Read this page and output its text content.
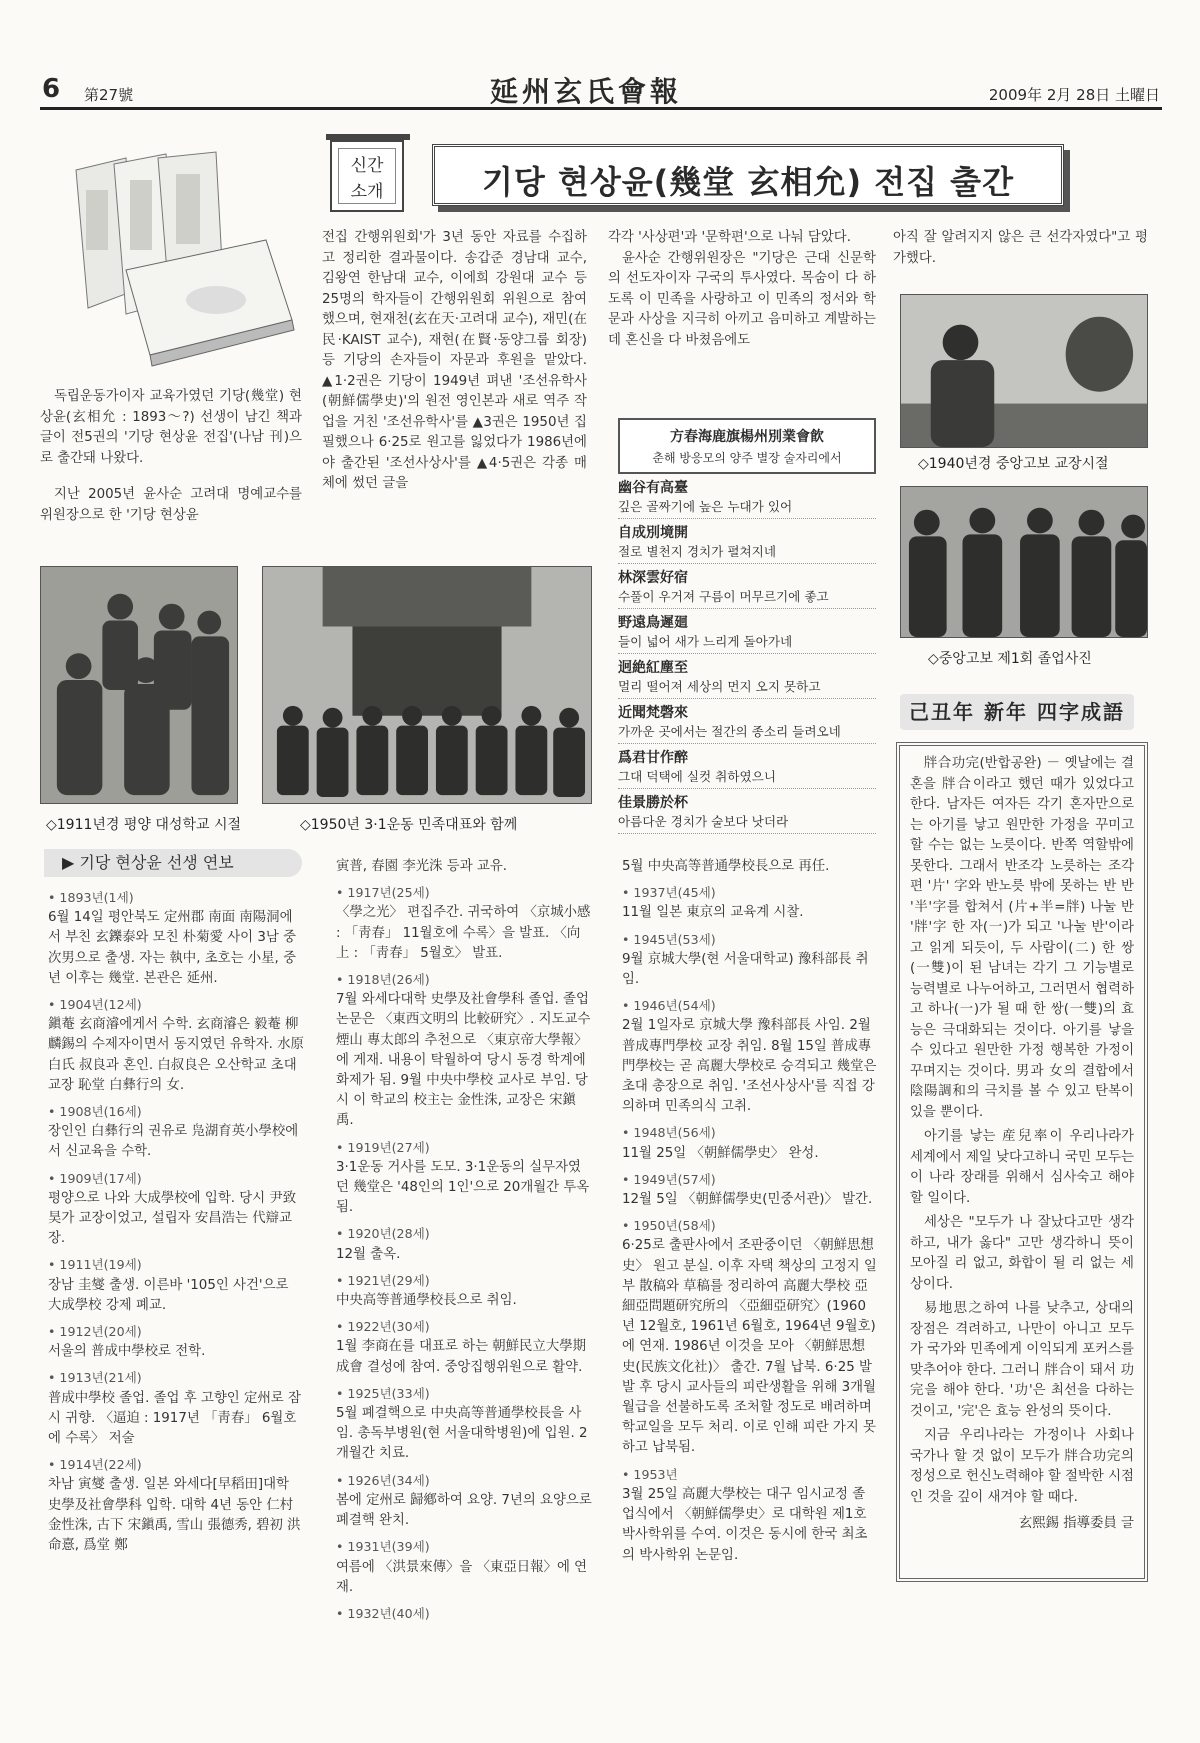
6 第27號	延州玄氏會報	2009年 2月 28日 土曜日
신간
소개	기당 현상윤(幾堂 玄相允) 전집 출간

독립운동가이자 교육가였던 기당(幾堂) 현상윤(玄相允 : 1893～?) 선생이 남긴 책과 글이 전5권의 '기당 현상윤 전집'(나남 刊)으로 출간돼 나왔다.

지난 2005년 윤사순 고려대 명예교수를 위원장으로 한 '기당 현상윤

전집 간행위원회'가 3년 동안 자료를 수집하고 정리한 결과물이다. 송갑준 경남대 교수, 김왕연 한남대 교수, 이에희 강원대 교수 등 25명의 학자들이 간행위원회 위원으로 참여했으며, 현재천(玄在天·고려대 교수), 재민(在民·KAIST 교수), 재현(在賢·동양그룹 회장) 등 기당의 손자들이 자문과 후원을 맡았다. ▲1·2권은 기당이 1949년 펴낸 '조선유학사(朝鮮儒學史)'의 원전 영인본과 새로 역주 작업을 거친 '조선유학사'를 ▲3권은 1950년 집필했으나 6·25로 원고를 잃었다가 1986년에야 출간된 '조선사상사'를 ▲4·5권은 각종 매체에 썼던 글을

각각 '사상편'과 '문학편'으로 나눠 담았다.

윤사순 간행위원장은 "기당은 근대 신문학의 선도자이자 구국의 투사였다. 목숨이 다 하도록 이 민족을 사랑하고 이 민족의 정서와 학문과 사상을 지극히 아끼고 음미하고 계발하는 데 혼신을 다 바쳤음에도

아직 잘 알려지지 않은 큰 선각자였다"고 평가했다.

◇1911년경 평양 대성학교 시절	◇1950년 3·1운동 민족대표와 함께
◇1940년경 중앙고보 교장시절
◇중앙고보 제1회 졸업사진
方春海鹿旗楊州別業會飮
춘해 방응모의 양주 별장 술자리에서
幽谷有高臺
깊은 골짜기에 높은 누대가 있어
自成別境開
절로 별천지 경치가 펼쳐지네
林深雲好宿
수풀이 우거져 구름이 머무르기에 좋고
野遠鳥遲廻
들이 넓어 새가 느리게 돌아가네
迥絶紅塵至
멀리 떨어져 세상의 먼지 오지 못하고
近聞梵磬來
가까운 곳에서는 절간의 종소리 들려오네
爲君甘作醉
그대 덕택에 실컷 취하였으니
佳景勝於杯
아름다운 경치가 술보다 낫더라
▶ 기당 현상윤 선생 연보
• 1893년(1세)
6월 14일 평안북도 定州郡 南面 南陽洞에서 부친 玄鑠泰와 모친 朴菊愛 사이 3남 중 次男으로 출생. 자는 執中, 초호는 小星, 중년 이후는 幾堂. 본관은 延州.
• 1904년(12세)
鎭菴 玄商濬에게서 수학. 玄商濬은 毅菴 柳麟錫의 수제자이면서 동지였던 유학자. 水原 白氏 叔良과 혼인. 白叔良은 오산학교 초대 교장 恥堂 白彝行의 女.
• 1908년(16세)
장인인 白彝行의 권유로 凫湖育英小學校에서 신교육을 수학.
• 1909년(17세)
평양으로 나와 大成學校에 입학. 당시 尹致昊가 교장이었고, 설립자 安昌浩는 代辯교장.
• 1911년(19세)
장남 圭燮 출생. 이른바 '105인 사건'으로 大成學校 강제 폐교.
• 1912년(20세)
서울의 普成中學校로 전학.
• 1913년(21세)
普成中學校 졸업. 졸업 후 고향인 定州로 잠시 귀향. 〈逼迫 : 1917년 「靑春」 6월호에 수록〉 저술
• 1914년(22세)
차남 寅燮 출생. 일본 와세다[早稻田]대학 史學及社會學科 입학. 대학 4년 동안 仁村 金性洙, 古下 宋鎭禹, 雪山 張德秀, 碧初 洪命憙, 爲堂 鄭
寅普, 春園 李光洙 등과 교유.
• 1917년(25세)
〈學之光〉 편집주간. 귀국하여 〈京城小感 : 「靑春」 11월호에 수록〉을 발표. 〈向上 : 「靑春」 5월호〉 발표.
• 1918년(26세)
7월 와세다대학 史學及社會學科 졸업. 졸업논문은 〈東西文明의 比較研究〉. 지도교수 煙山 專太郎의 추천으로 〈東京帝大學報〉에 게재. 내용이 탁월하여 당시 동경 학계에 화제가 됨. 9월 中央中學校 교사로 부임. 당시 이 학교의 校主는 金性洙, 교장은 宋鎭禹.
• 1919년(27세)
3·1운동 거사를 도모. 3·1운동의 실무자였던 幾堂은 '48인의 1인'으로 20개월간 투옥됨.
• 1920년(28세)
12월 출옥.
• 1921년(29세)
中央高等普通學校長으로 취임.
• 1922년(30세)
1월 李商在를 대표로 하는 朝鮮民立大學期成會 결성에 참여. 중앙집행위원으로 활약.
• 1925년(33세)
5월 폐결핵으로 中央高等普通學校長을 사임. 총독부병원(현 서울대학병원)에 입원. 2개월간 치료.
• 1926년(34세)
봄에 定州로 歸鄕하여 요양. 7년의 요양으로 폐결핵 완치.
• 1931년(39세)
여름에 〈洪景來傳〉을 〈東亞日報〉에 연재.
• 1932년(40세)
5월 中央高等普通學校長으로 再任.
• 1937년(45세)
11월 일본 東京의 교육계 시찰.
• 1945년(53세)
9월 京城大學(현 서울대학교) 豫科部長 취임.
• 1946년(54세)
2월 1일자로 京城大學 豫科部長 사임. 2월 普成專門學校 교장 취임. 8월 15일 普成專門學校는 곧 高麗大學校로 승격되고 幾堂은 초대 총장으로 취임. '조선사상사'를 직접 강의하며 민족의식 고취.
• 1948년(56세)
11월 25일 〈朝鮮儒學史〉 완성.
• 1949년(57세)
12월 5일 〈朝鮮儒學史(민중서관)〉 발간.
• 1950년(58세)
6·25로 출판사에서 조판중이던 〈朝鮮思想史〉 원고 분실. 이후 자택 책상의 고정지 일부 散稿와 草稿를 정리하여 高麗大學校 亞細亞問題研究所의 〈亞細亞研究〉(1960년 12월호, 1961년 6월호, 1964년 9월호)에 연재. 1986년 이것을 모아 〈朝鮮思想史(民族文化社)〉 출간. 7월 납북. 6·25 발발 후 당시 교사들의 피란생활을 위해 3개월 월급을 선불하도록 조처할 정도로 배려하며 학교일을 모두 처리. 이로 인해 피란 가지 못하고 납북됨.
• 1953년
3월 25일 高麗大學校는 대구 임시교정 졸업식에서 〈朝鮮儒學史〉로 대학원 제1호 박사학위를 수여. 이것은 동시에 한국 최초의 박사학위 논문임.
己丑年 新年 四字成語

牉合功完(반합공완) － 옛날에는 결혼을 牉合이라고 했던 때가 있었다고 한다. 남자든 여자든 각기 혼자만으로는 아기를 낳고 원만한 가정을 꾸미고 할 수는 없는 노릇이다. 반쪽 역할밖에 못한다. 그래서 반조각 노릇하는 조각 편 '片' 字와 반노릇 밖에 못하는 반 반 '半'字를 합쳐서 (片+半=牉) 나눌 반 '牉'字 한 자(一)가 되고 '나눌 반'이라고 읽게 되듯이, 두 사람이(二) 한 쌍(一雙)이 된 남녀는 각기 그 기능별로 능력별로 나누어하고, 그러면서 협력하고 하나(一)가 될 때 한 쌍(一雙)의 효능은 극대화되는 것이다. 아기를 낳을 수 있다고 원만한 가정 행복한 가정이 꾸며지는 것이다. 男과 女의 결합에서 陰陽調和의 극치를 볼 수 있고 탄복이 있을 뿐이다.

아기를 낳는 産兒率이 우리나라가 세계에서 제일 낮다고하니 국민 모두는 이 나라 장래를 위해서 심사숙고 해야 할 일이다.

세상은 "모두가 나 잘났다고만 생각하고, 내가 옳다" 고만 생각하니 뜻이 모아질 리 없고, 화합이 될 리 없는 세상이다.

易地思之하여 나를 낮추고, 상대의 장점은 격려하고, 나만이 아니고 모두가 국가와 민족에게 이익되게 포커스를 맞추어야 한다. 그러니 牉合이 돼서 功完을 해야 한다. '功'은 최선을 다하는 것이고, '完'은 효능 완성의 뜻이다.

지금 우리나라는 가정이나 사회나 국가나 할 것 없이 모두가 牉合功完의 정성으로 헌신노력해야 할 절박한 시점인 것을 깊이 새겨야 할 때다.

玄熙錫 指導委員 글
